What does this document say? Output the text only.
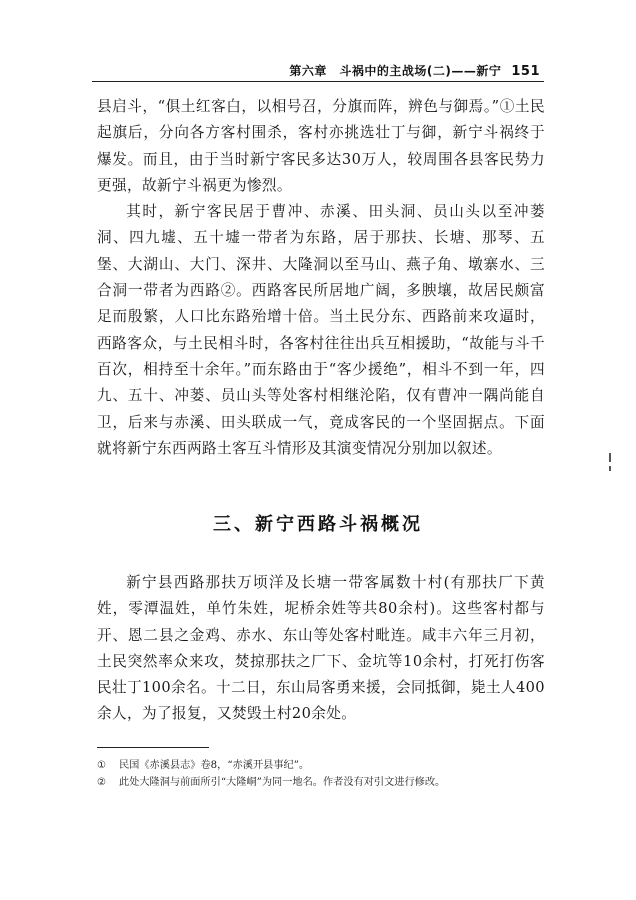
第六章　斗祸中的主战场(二)——新宁 151

县启斗，“俱土红客白，以相号召，分旗而阵，辨色与御焉。”①土民起旗后，分向各方客村围杀，客村亦挑选壮丁与御，新宁斗祸终于爆发。而且，由于当时新宁客民多达30万人，较周围各县客民势力更强，故新宁斗祸更为惨烈。

其时，新宁客民居于曹冲、赤溪、田头洞、员山头以至冲蒌洞、四九墟、五十墟一带者为东路，居于那扶、长塘、那琴、五堡、大湖山、大门、深井、大隆洞以至马山、燕子角、墩寨水、三合洞一带者为西路②。西路客民所居地广阔，多腴壤，故居民颇富足而殷繁，人口比东路殆增十倍。当土民分东、西路前来攻逼时，西路客众，与土民相斗时，各客村往往出兵互相援助，“故能与斗千百次，相持至十余年。”而东路由于“客少援绝”，相斗不到一年，四九、五十、冲蒌、员山头等处客村相继沦陷，仅有曹冲一隅尚能自卫，后来与赤溪、田头联成一气，竟成客民的一个坚固据点。下面就将新宁东西两路土客互斗情形及其演变情况分别加以叙述。

三、新宁西路斗祸概况

新宁县西路那扶万顷洋及长塘一带客属数十村(有那扶厂下黄姓，零潭温姓，单竹朱姓，坭桥余姓等共80余村)。这些客村都与开、恩二县之金鸡、赤水、东山等处客村毗连。咸丰六年三月初，土民突然率众来攻，焚掠那扶之厂下、金坑等10余村，打死打伤客民壮丁100余名。十二日，东山局客勇来援，会同抵御，毙土人400余人，为了报复，又焚毁土村20余处。

①	民国《赤溪县志》卷8，“赤溪开县事纪”。
②	此处大隆洞与前面所引“大隆峒”为同一地名。作者没有对引文进行修改。
